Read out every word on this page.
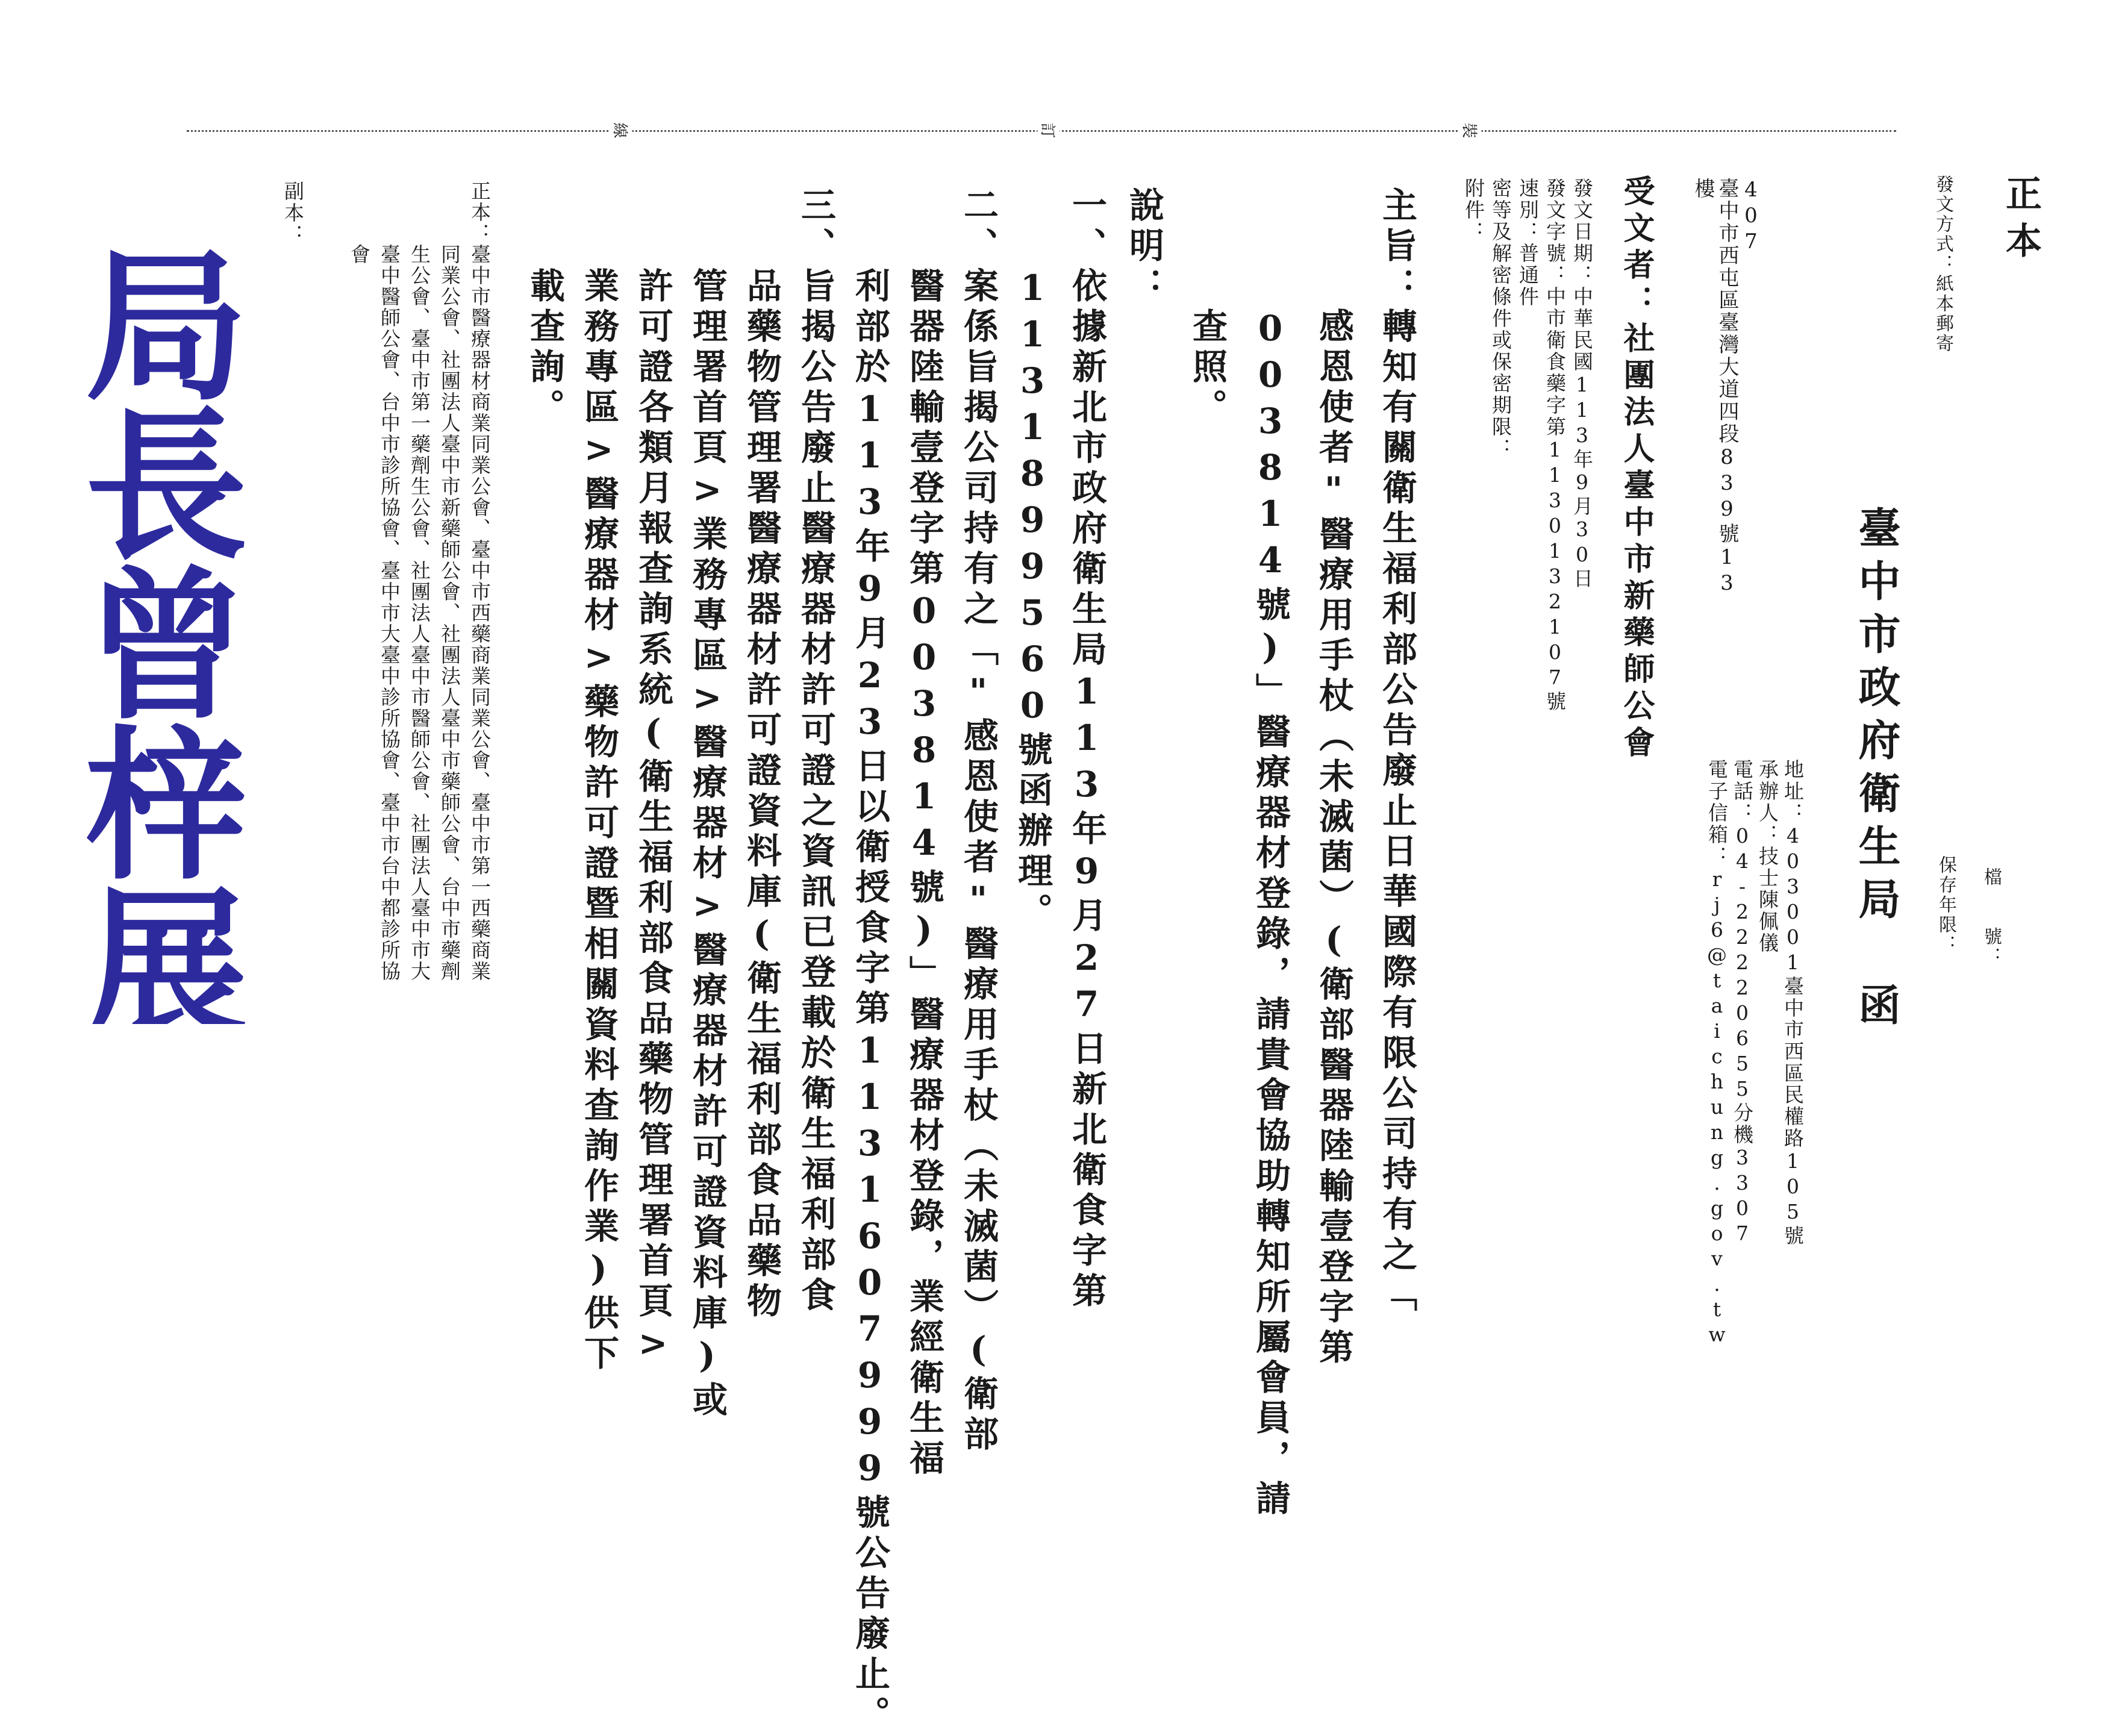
正本
發文方式：紙本郵寄
檔　　號：
保存年限：
裝
訂
線
臺中市政府衛生局　函
地址：403001臺中市西區民權路105號
承辦人：技士陳佩儀
電話：04-22220655分機3307
電子信箱：rj6@taichung.gov.tw
407
臺中市西屯區臺灣大道四段839號13
樓
受文者：社團法人臺中市新藥師公會
發文日期：中華民國113年9月30日
發文字號：中市衛食藥字第1130132107號
速別：普通件
密等及解密條件或保密期限：
附件：
主旨：轉知有關衛生福利部公告廢止日華國際有限公司持有之「
　　　感恩使者"醫療用手杖（未滅菌）(衛部醫器陸輸壹登字第
　　　003814號)」醫療器材登錄，請貴會協助轉知所屬會員，請
　　　查照。
說明：
一、依據新北市政府衛生局113年9月27日新北衛食字第
　　1131899560號函辦理。
二、案係旨揭公司持有之「"感恩使者"醫療用手杖（未滅菌）(衛部
　　醫器陸輸壹登字第003814號)」醫療器材登錄，業經衛生福
　　利部於113年9月23日以衛授食字第1131607999號公告廢止。
三、旨揭公告廢止醫療器材許可證之資訊已登載於衛生福利部食
　　品藥物管理署醫療器材許可證資料庫(衛生福利部食品藥物
　　管理署首頁>業務專區>醫療器材>醫療器材許可證資料庫)或
　　許可證各類月報查詢系統(衛生福利部食品藥物管理署首頁>
　　業務專區>醫療器材>藥物許可證暨相關資料查詢作業)供下
　　載查詢。
正本：臺中市醫療器材商業同業公會、臺中市西藥商業同業公會、臺中市第一西藥商業
　　　同業公會、社團法人臺中市新藥師公會、社團法人臺中市藥師公會、台中市藥劑
　　　生公會、臺中市第一藥劑生公會、社團法人臺中市醫師公會、社團法人臺中市大
　　　臺中醫師公會、台中市診所協會、臺中市大臺中診所協會、臺中市台中都診所協
　　　會
副本：
局長曾梓展
